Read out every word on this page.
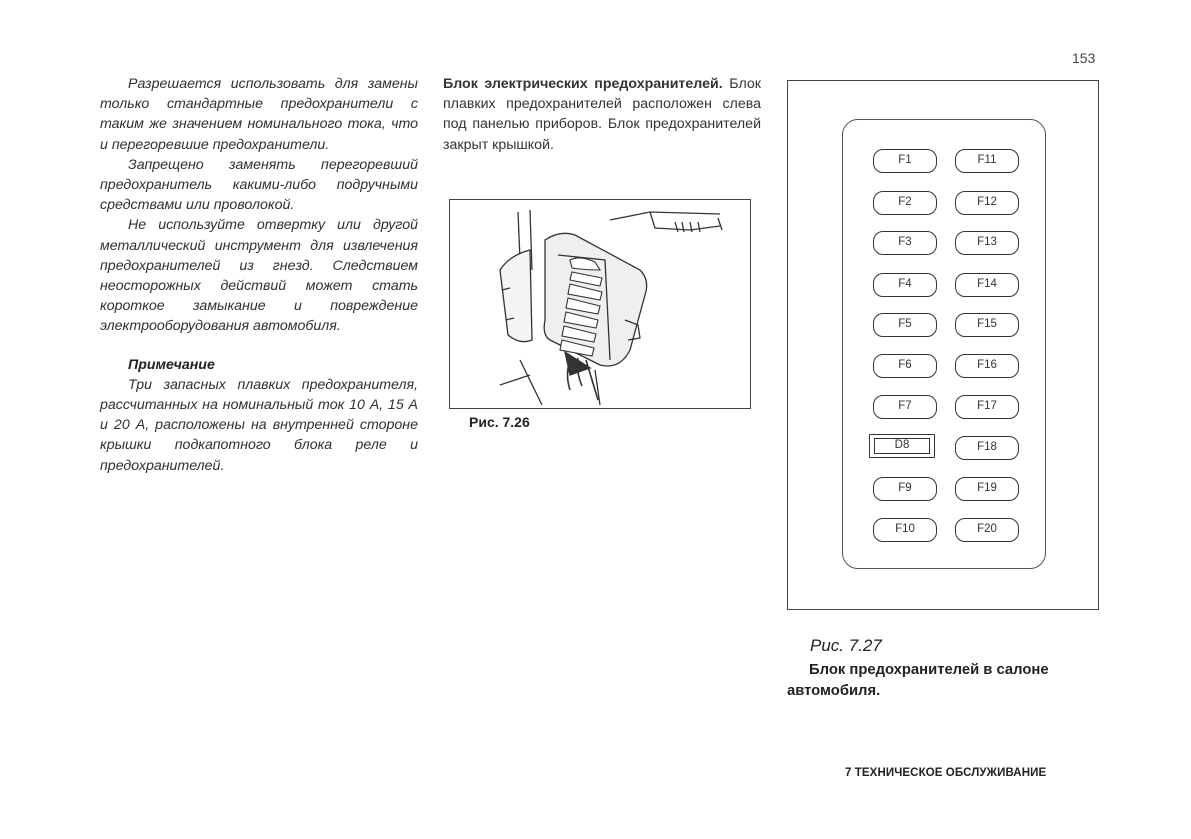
153

Разрешается использовать для замены только стандартные предохранители с таким же значением номинального тока, что и перегоревшие предохранители.

Запрещено заменять перегоревший предохранитель какими-либо подручными средствами или проволокой.

Не используйте отвертку или другой металлический инструмент для извлечения предохранителей из гнезд. Следствием неосторожных действий может стать короткое замыкание и повреждение электрооборудования автомобиля.

Примечание

Три запасных плавких предохранителя, рассчитанных на номинальный ток 10 А, 15 А и 20 А, расположены на внутренней стороне крышки подкапотного блока реле и предохранителей.

Блок электрических предохранителей. Блок плавких предохранителей расположен слева под панелью приборов. Блок предохранителей закрыт крышкой.

Рис. 7.26
F1
F2
F3
F4
F5
F6
F7
D8
F9
F10
F11
F12
F13
F14
F15
F16
F17
F18
F19
F20
Рис. 7.27
Блок предохранителей в салоне
автомобиля.
7 ТЕХНИЧЕСКОЕ ОБСЛУЖИВАНИЕ
